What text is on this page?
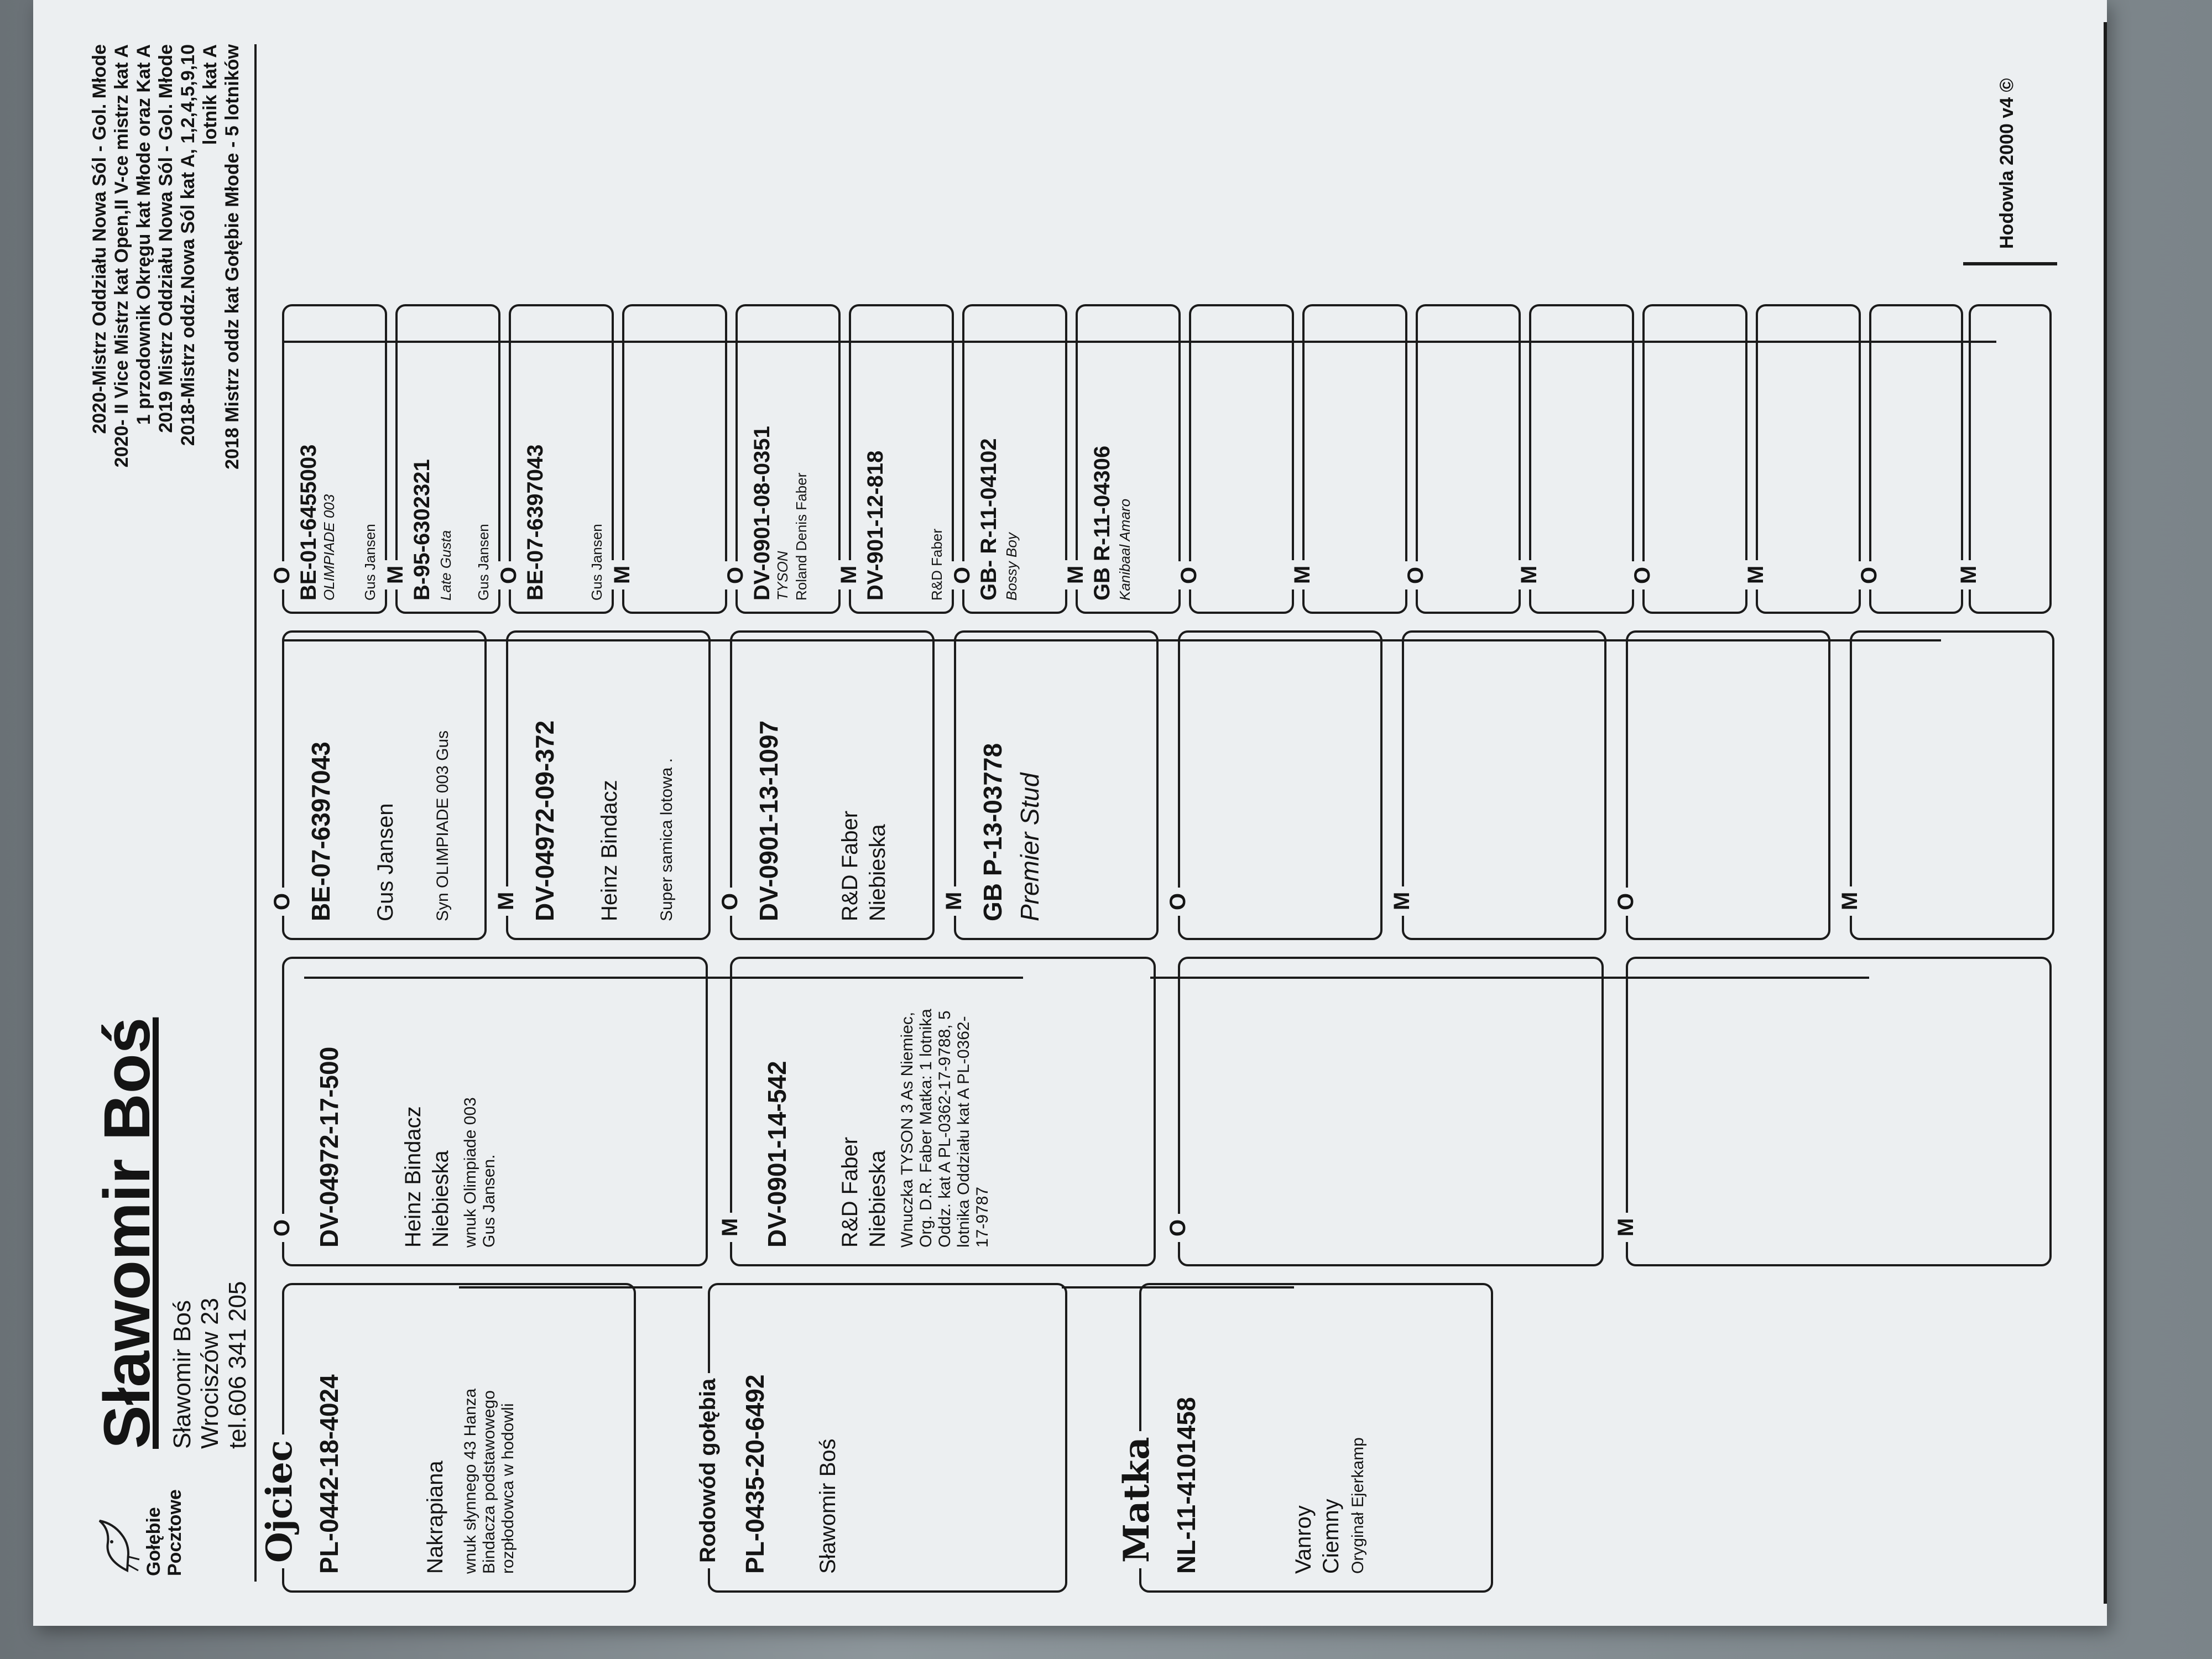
Gołębie Pocztowe
Sławomir Boś Sławomir Boś Wrociszów 23 tel.606 341 205
2020-Mistrz Oddziału Nowa Sól - Gol. Młode 2020- II Vice Mistrz kat Open,II V-ce mistrz kat A 1 przodownik Okręgu kat Młode oraz Kat A 2019 Mistrz Oddziału Nowa Sól - Gol. Młode 2018-Mistrz oddz.Nowa Sól kat A, 1,2,4,5,9,10 lotnik kat A 2018 Mistrz oddz kat Gołębie Młode - 5 lotników
Ojciec PL-0442-18-4024	Nakrapiana wnuk słynnego 43 Hanza Bindacza podstawowego rozpłodowca w hodowli	Rodowód gołębia PL-0435-20-6492 Sławomir Boś	Matka NL-11-4101458	Vanroy Ciemny Oryginał Ejerkamp
O DV-04972-17-500	Heinz Bindacz Niebieska wnuk Olimpiade 003 Gus Jansen.	M DV-0901-14-542 R&D Faber Niebieska Wnuczka TYSON 3 As Niemiec, Org. D.R. Faber Matka: 1 lotnika Oddz. kat A PL-0362-17-9788, 5 lotnika Oddziału kat A PL-0362-17-9787	O	M
O BE-07-6397043 Gus Jansen Syn OLIMPIADE 003 Gus M DV-04972-09-372 Heinz Bindacz Super samica lotowa . O DV-0901-13-1097 R&D Faber Niebieska M GB P-13-03778 Premier Stud	O	M	O	M
O BE-01-6455003 OLIMPIADE 003 Gus Jansen M B-95-6302321 Late Gusta Gus Jansen O BE-07-6397043	Gus Jansen M	O DV-0901-08-0351 TYSON Roland Denis Faber M DV-901-12-818	R&D Faber O GB- R-11-04102 Bossy Boy M GB R-11-04306 Kanibaal Amaro O	M	O	M	O	M	O	M
Hodowla 2000 v4 ©
